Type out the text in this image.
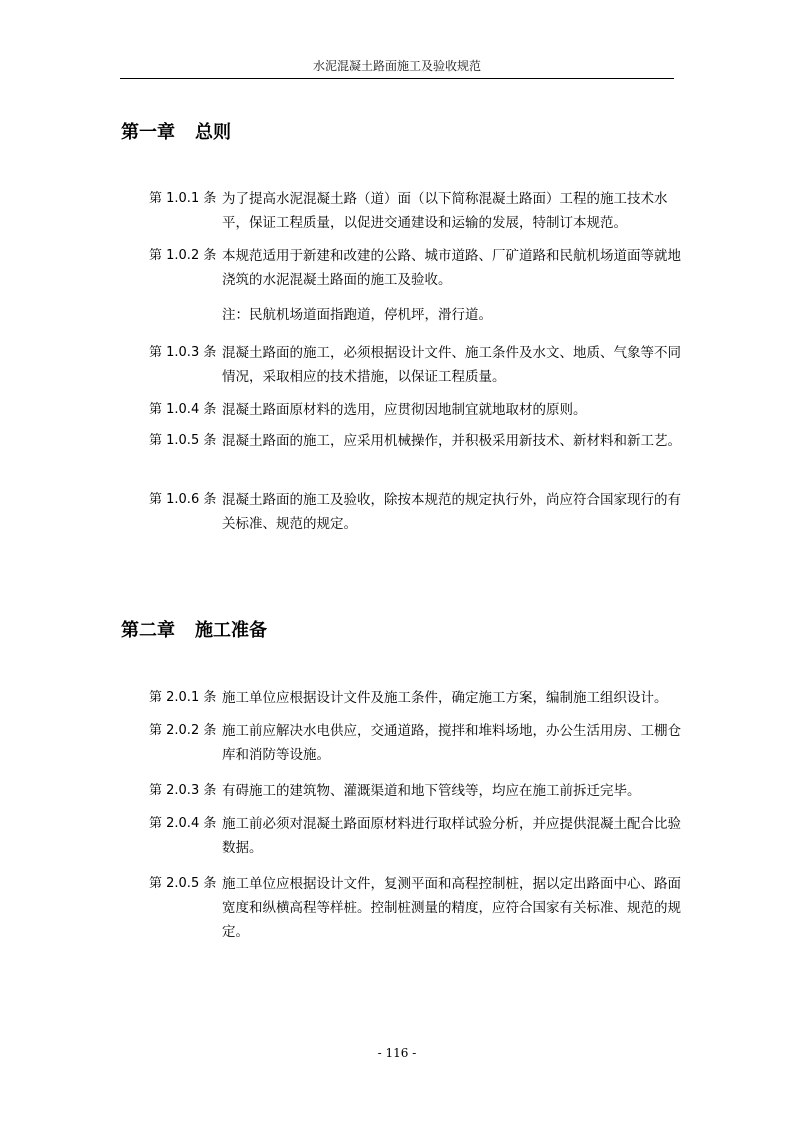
水泥混凝土路面施工及验收规范
第一章 总则
第 1.0.1 条 为了提高水泥混凝土路（道）面（以下简称混凝土路面）工程的施工技术水平，保证工程质量，以促进交通建设和运输的发展，特制订本规范。
第 1.0.2 条 本规范适用于新建和改建的公路、城市道路、厂矿道路和民航机场道面等就地浇筑的水泥混凝土路面的施工及验收。
注：民航机场道面指跑道，停机坪，滑行道。
第 1.0.3 条 混凝土路面的施工，必须根据设计文件、施工条件及水文、地质、气象等不同情况，采取相应的技术措施，以保证工程质量。
第 1.0.4 条 混凝土路面原材料的选用，应贯彻因地制宜就地取材的原则。
第 1.0.5 条 混凝土路面的施工，应采用机械操作，并积极采用新技术、新材料和新工艺。
第 1.0.6 条 混凝土路面的施工及验收，除按本规范的规定执行外，尚应符合国家现行的有关标准、规范的规定。
第二章 施工准备
第 2.0.1 条 施工单位应根据设计文件及施工条件，确定施工方案，编制施工组织设计。
第 2.0.2 条 施工前应解决水电供应，交通道路，搅拌和堆料场地，办公生活用房、工棚仓库和消防等设施。
第 2.0.3 条 有碍施工的建筑物、灌溉渠道和地下管线等，均应在施工前拆迁完毕。
第 2.0.4 条 施工前必须对混凝土路面原材料进行取样试验分析，并应提供混凝土配合比验数据。
第 2.0.5 条 施工单位应根据设计文件，复测平面和高程控制桩，据以定出路面中心、路面宽度和纵横高程等样桩。控制桩测量的精度，应符合国家有关标准、规范的规定。
- 116 -
